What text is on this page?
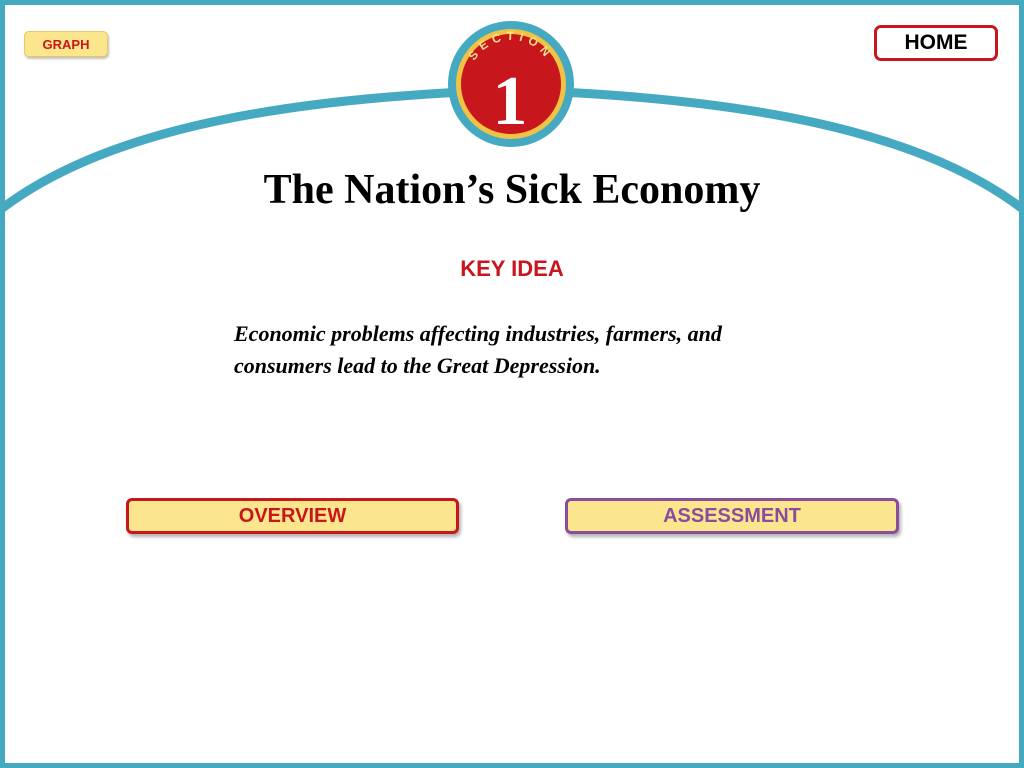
GRAPH	SECTION
1
HOME
The Nation’s Sick Economy
KEY IDEA

Economic problems affecting industries, farmers, and
consumers lead to the Great Depression.

OVERVIEW	ASSESSMENT
